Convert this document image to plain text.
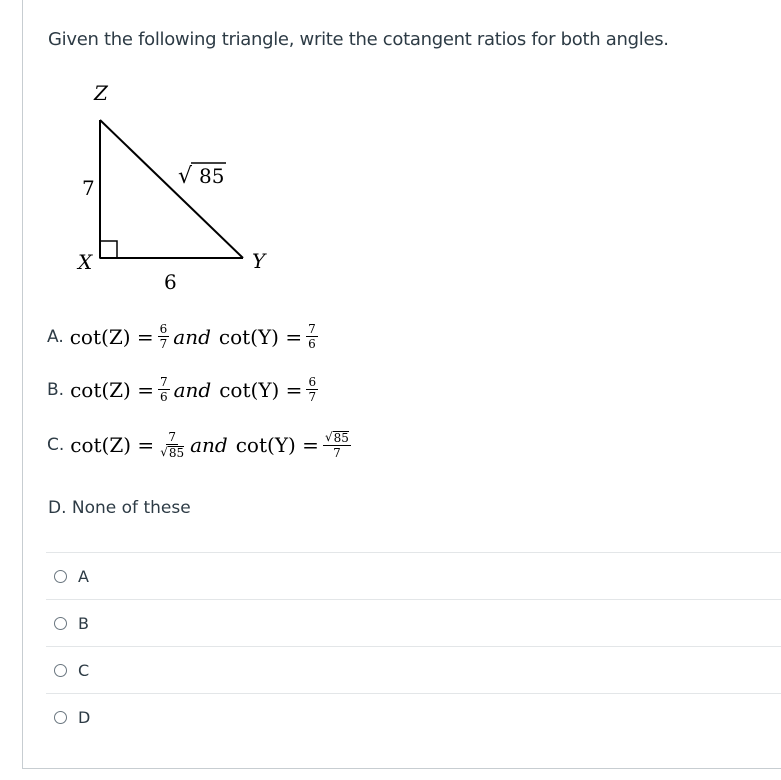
Given the following triangle, write the cotangent ratios for both angles.
Z
X	Y
7
6
√ 85
A. $\cot(Z) = \frac{6}{7}$ and $\cot(Y) = \frac{7}{6}$
B. $\cot(Z) = \frac{7}{6}$ and $\cot(Y) = \frac{6}{7}$
C. $\cot(Z) = \frac{7}{√ 85}$ and $\cot(Y) = \frac{√ 85}{7}$
D. None of these
A
B
C
D
